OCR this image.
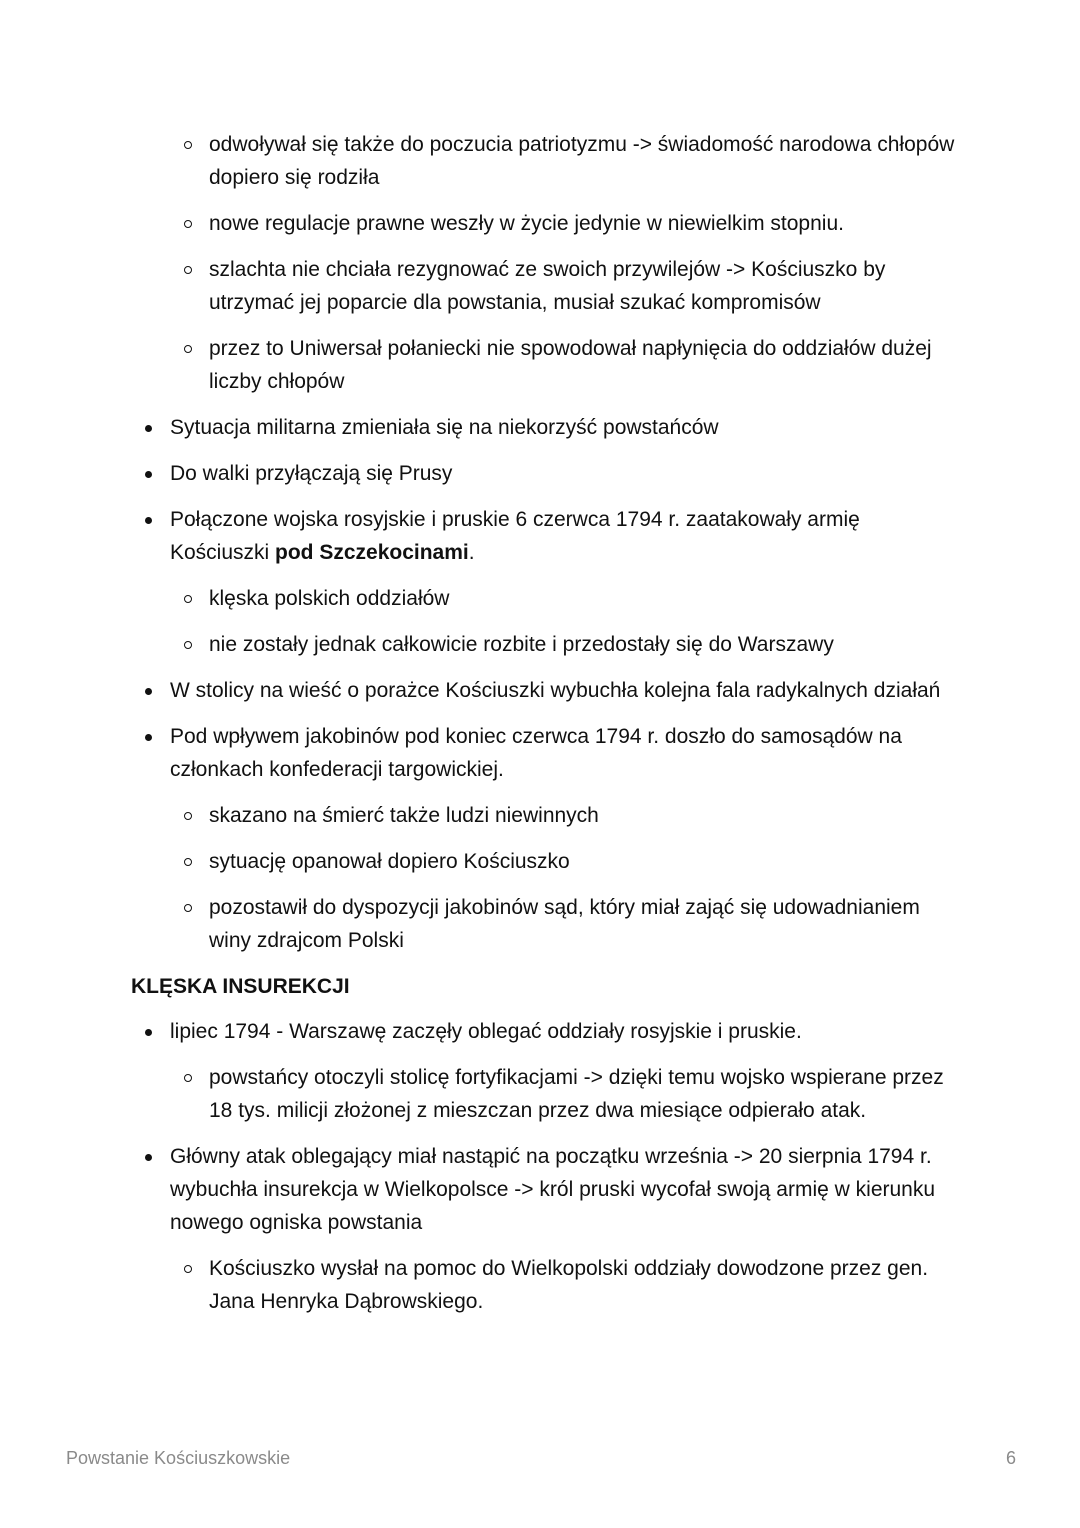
odwoływał się także do poczucia patriotyzmu -> świadomość narodowa chłopów dopiero się rodziła
nowe regulacje prawne weszły w życie jedynie w niewielkim stopniu.
szlachta nie chciała rezygnować ze swoich przywilejów -> Kościuszko by utrzymać jej poparcie dla powstania, musiał szukać kompromisów
przez to Uniwersał połaniecki nie spowodował napłynięcia do oddziałów dużej liczby chłopów
Sytuacja militarna zmieniała się na niekorzyść powstańców
Do walki przyłączają się Prusy
Połączone wojska rosyjskie i pruskie 6 czerwca 1794 r. zaatakowały armię Kościuszki pod Szczekocinami.
klęska polskich oddziałów
nie zostały jednak całkowicie rozbite i przedostały się do Warszawy
W stolicy na wieść o porażce Kościuszki wybuchła kolejna fala radykalnych działań
Pod wpływem jakobinów pod koniec czerwca 1794 r. doszło do samosądów na członkach konfederacji targowickiej.
skazano na śmierć także ludzi niewinnych
sytuację opanował dopiero Kościuszko
pozostawił do dyspozycji jakobinów sąd, który miał zająć się udowadnianiem winy zdrajcom Polski
KLĘSKA INSUREKCJI
lipiec 1794 - Warszawę zaczęły oblegać oddziały rosyjskie i pruskie.
powstańcy otoczyli stolicę fortyfikacjami -> dzięki temu wojsko wspierane przez 18 tys. milicji złożonej z mieszczan przez dwa miesiące odpierało atak.
Główny atak oblegający miał nastąpić na początku września -> 20 sierpnia 1794 r. wybuchła insurekcja w Wielkopolsce -> król pruski wycofał swoją armię w kierunku nowego ogniska powstania
Kościuszko wysłał na pomoc do Wielkopolski oddziały dowodzone przez gen. Jana Henryka Dąbrowskiego.
Powstanie Kościuszkowskie	6
